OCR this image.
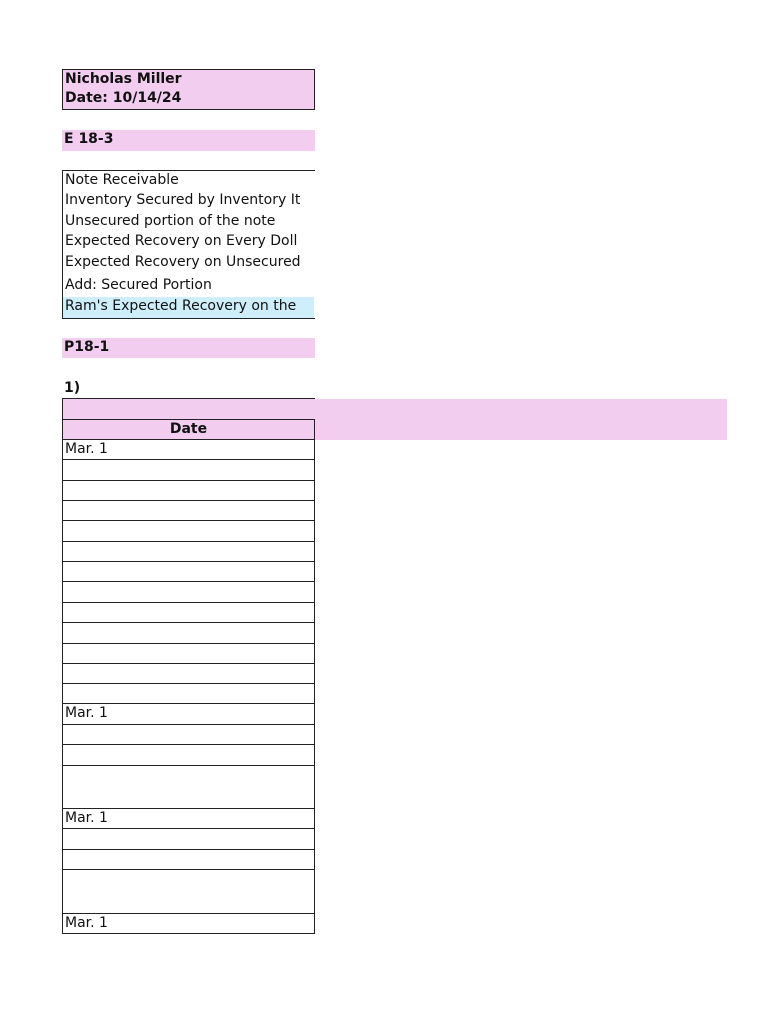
Nicholas Miller
Date: 10/14/24
E 18-3
Note Receivable
Inventory Secured by Inventory It
Unsecured portion of the note
Expected Recovery on Every Doll
Expected Recovery on Unsecured
Add: Secured Portion
Ram's Expected Recovery on the
P18-1
1)
Date
Mar. 1
Mar. 1
Mar. 1
Mar. 1
